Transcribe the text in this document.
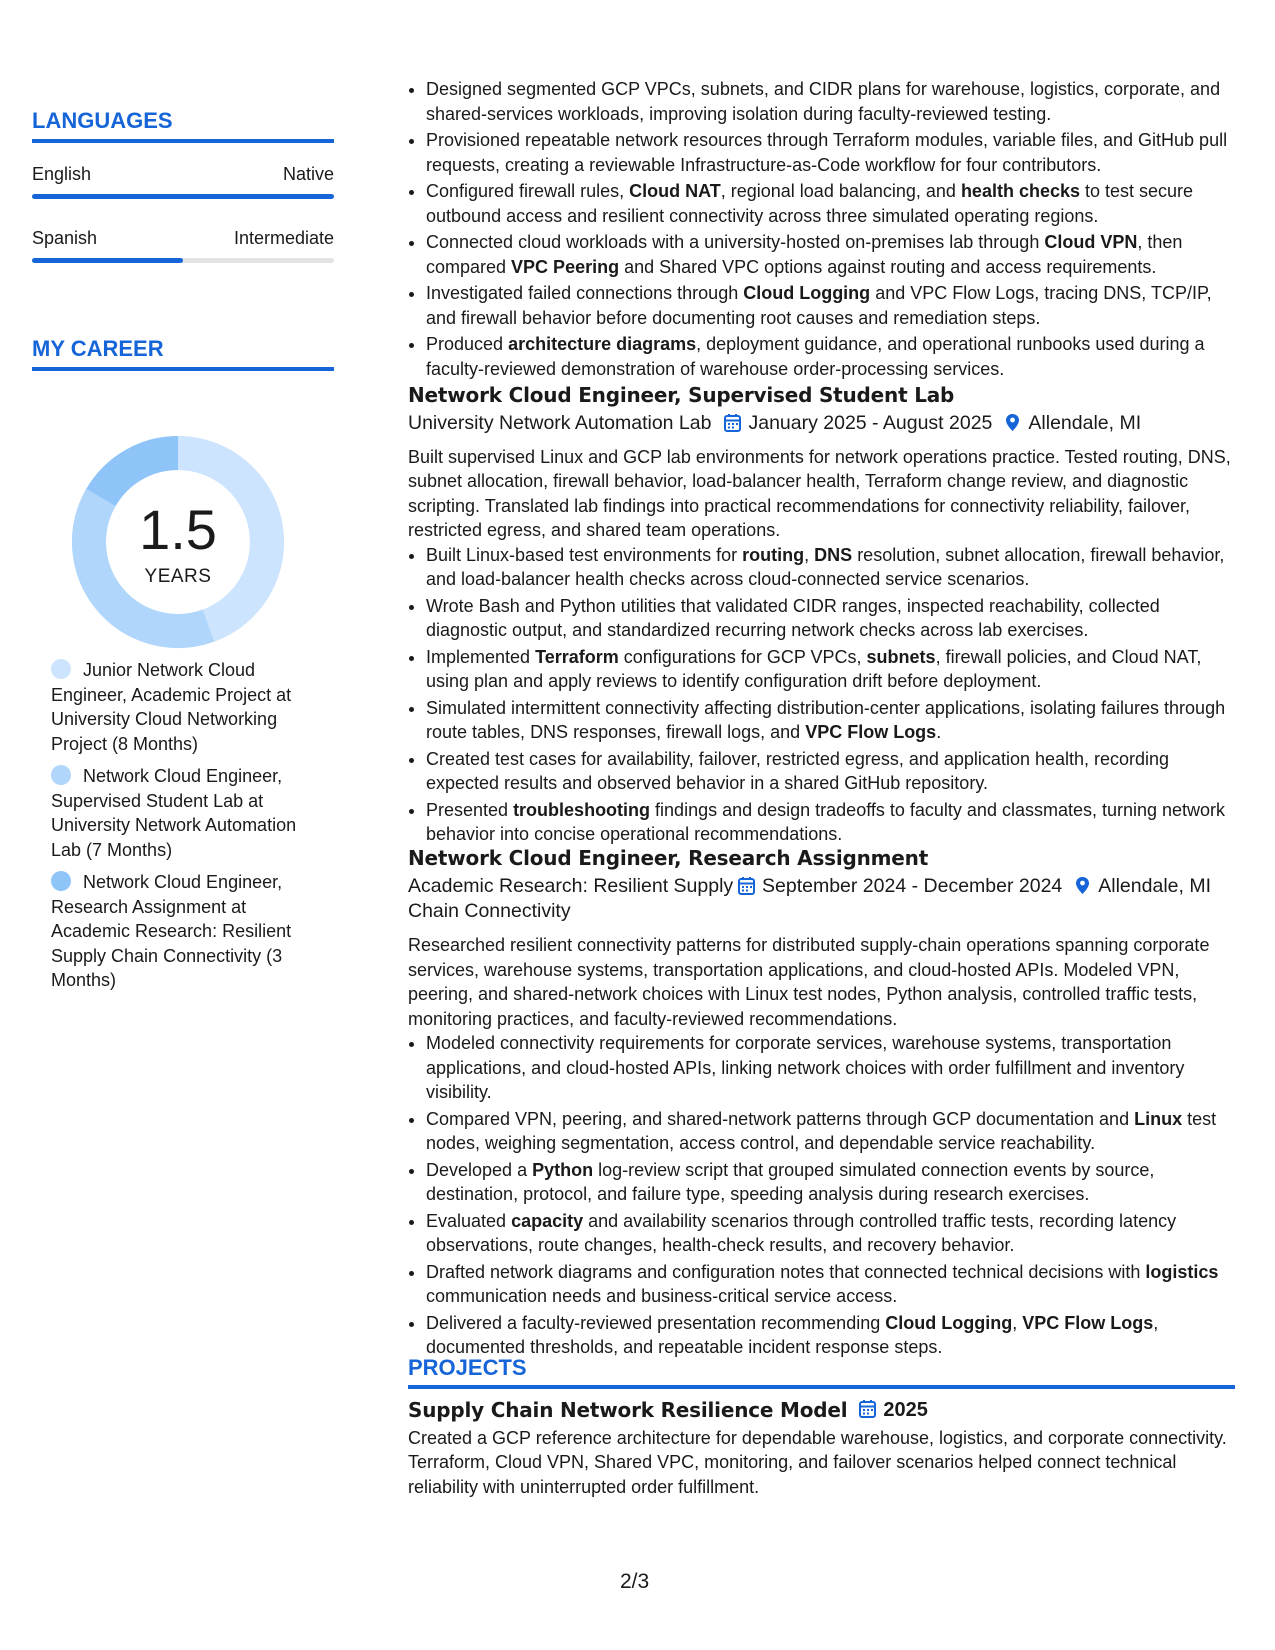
LANGUAGES
English	Native
Spanish	Intermediate
MY CAREER
1.5
YEARS
Junior Network Cloud Engineer, Academic Project at University Cloud Networking Project (8 Months)
Network Cloud Engineer, Supervised Student Lab at University Network Automation Lab (7 Months)
Network Cloud Engineer, Research Assignment at Academic Research: Resilient Supply Chain Connectivity (3 Months)
• Designed segmented GCP VPCs, subnets, and CIDR plans for warehouse, logistics, corporate, and shared-services workloads, improving isolation during faculty-reviewed testing.
• Provisioned repeatable network resources through Terraform modules, variable files, and GitHub pull requests, creating a reviewable Infrastructure-as-Code workflow for four contributors.
• Configured firewall rules, Cloud NAT, regional load balancing, and health checks to test secure outbound access and resilient connectivity across three simulated operating regions.
• Connected cloud workloads with a university-hosted on-premises lab through Cloud VPN, then compared VPC Peering and Shared VPC options against routing and access requirements.
• Investigated failed connections through Cloud Logging and VPC Flow Logs, tracing DNS, TCP/IP, and firewall behavior before documenting root causes and remediation steps.
• Produced architecture diagrams, deployment guidance, and operational runbooks used during a faculty-reviewed demonstration of warehouse order-processing services.
Network Cloud Engineer, Supervised Student Lab
University Network Automation Lab January 2025 - August 2025 Allendale, MI

Built supervised Linux and GCP lab environments for network operations practice. Tested routing, DNS, subnet allocation, firewall behavior, load-balancer health, Terraform change review, and diagnostic scripting. Translated lab findings into practical recommendations for connectivity reliability, failover, restricted egress, and shared team operations.

• Built Linux-based test environments for routing, DNS resolution, subnet allocation, firewall behavior, and load-balancer health checks across cloud-connected service scenarios.
• Wrote Bash and Python utilities that validated CIDR ranges, inspected reachability, collected diagnostic output, and standardized recurring network checks across lab exercises.
• Implemented Terraform configurations for GCP VPCs, subnets, firewall policies, and Cloud NAT, using plan and apply reviews to identify configuration drift before deployment.
• Simulated intermittent connectivity affecting distribution-center applications, isolating failures through route tables, DNS responses, firewall logs, and VPC Flow Logs.
• Created test cases for availability, failover, restricted egress, and application health, recording expected results and observed behavior in a shared GitHub repository.
• Presented troubleshooting findings and design tradeoffs to faculty and classmates, turning network behavior into concise operational recommendations.
Network Cloud Engineer, Research Assignment
Academic Research: Resilient Supply Chain Connectivity
September 2024 - December 2024 Allendale, MI

Researched resilient connectivity patterns for distributed supply-chain operations spanning corporate services, warehouse systems, transportation applications, and cloud-hosted APIs. Modeled VPN, peering, and shared-network choices with Linux test nodes, Python analysis, controlled traffic tests, monitoring practices, and faculty-reviewed recommendations.

• Modeled connectivity requirements for corporate services, warehouse systems, transportation applications, and cloud-hosted APIs, linking network choices with order fulfillment and inventory visibility.
• Compared VPN, peering, and shared-network patterns through GCP documentation and Linux test nodes, weighing segmentation, access control, and dependable service reachability.
• Developed a Python log-review script that grouped simulated connection events by source, destination, protocol, and failure type, speeding analysis during research exercises.
• Evaluated capacity and availability scenarios through controlled traffic tests, recording latency observations, route changes, health-check results, and recovery behavior.
• Drafted network diagrams and configuration notes that connected technical decisions with logistics communication needs and business-critical service access.
• Delivered a faculty-reviewed presentation recommending Cloud Logging, VPC Flow Logs, documented thresholds, and repeatable incident response steps.
PROJECTS
Supply Chain Network Resilience Model 2025

Created a GCP reference architecture for dependable warehouse, logistics, and corporate connectivity. Terraform, Cloud VPN, Shared VPC, monitoring, and failover scenarios helped connect technical reliability with uninterrupted order fulfillment.

2/3
